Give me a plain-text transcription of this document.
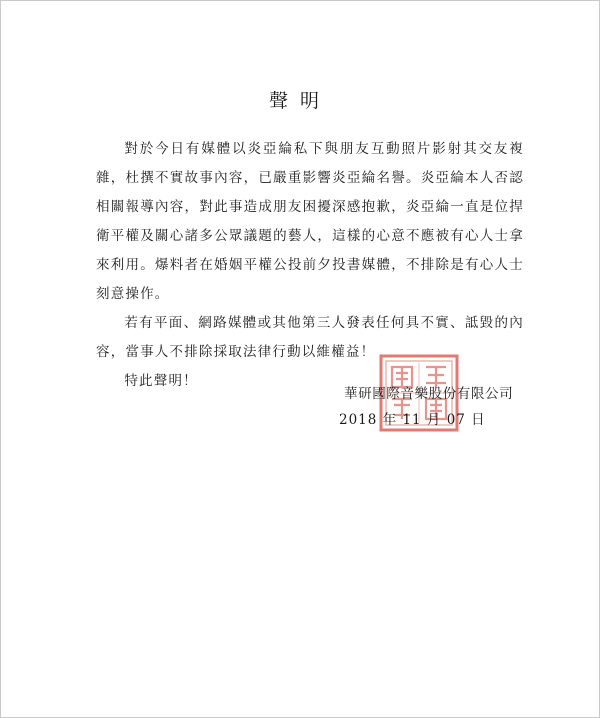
聲明

對於今日有媒體以炎亞綸私下與朋友互動照片影射其交友複雜，杜撰不實故事內容，已嚴重影響炎亞綸名譽。炎亞綸本人否認相關報導內容，對此事造成朋友困擾深感抱歉，炎亞綸一直是位捍衛平權及關心諸多公眾議題的藝人，這樣的心意不應被有心人士拿來利用。爆料者在婚姻平權公投前夕投書媒體，不排除是有心人士刻意操作。

若有平面、網路媒體或其他第三人發表任何具不實、詆毀的內容，當事人不排除採取法律行動以維權益！

特此聲明！

華研國際音樂股份有限公司
2018 年 11 月 07 日
